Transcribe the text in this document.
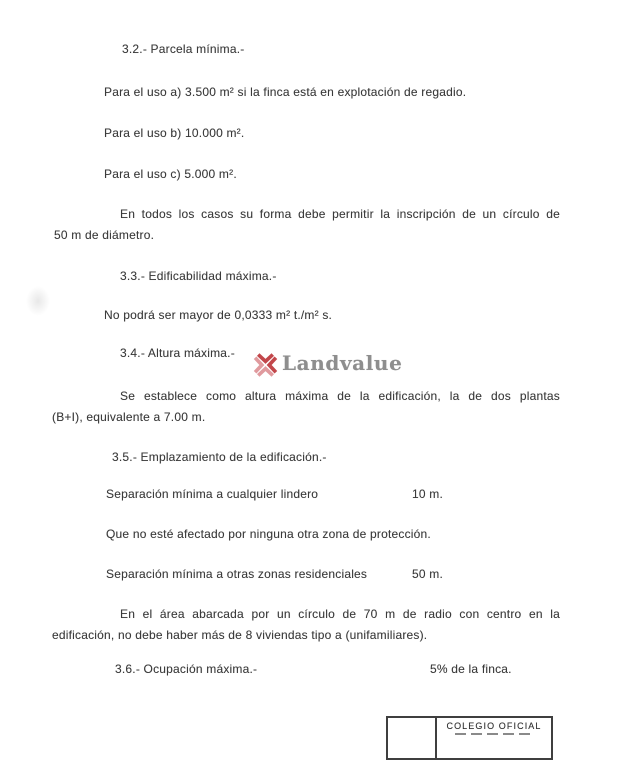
3.2.- Parcela mínima.-
Para el uso a) 3.500 m² si la finca está en explotación de regadio.
Para el uso b) 10.000 m².
Para el uso c) 5.000 m².
En todos los casos su forma debe permitir la inscripción de un círculo de
50 m de diámetro.
3.3.- Edificabilidad máxima.-
No podrá ser mayor de 0,0333 m² t./m² s.
3.4.- Altura máxima.- Landvalue
Se establece como altura máxima de la edificación, la de dos plantas
(B+I), equivalente a 7.00 m.
3.5.- Emplazamiento de la edificación.-
Separación mínima a cualquier lindero	10 m.
Que no esté afectado por ninguna otra zona de protección.
Separación mínima a otras zonas residenciales	50 m.
En el área abarcada por un círculo de 70 m de radio con centro en la
edificación, no debe haber más de 8 viviendas tipo a (unifamiliares).
3.6.- Ocupación máxima.-	5% de la finca.
COLEGIO OFICIAL
